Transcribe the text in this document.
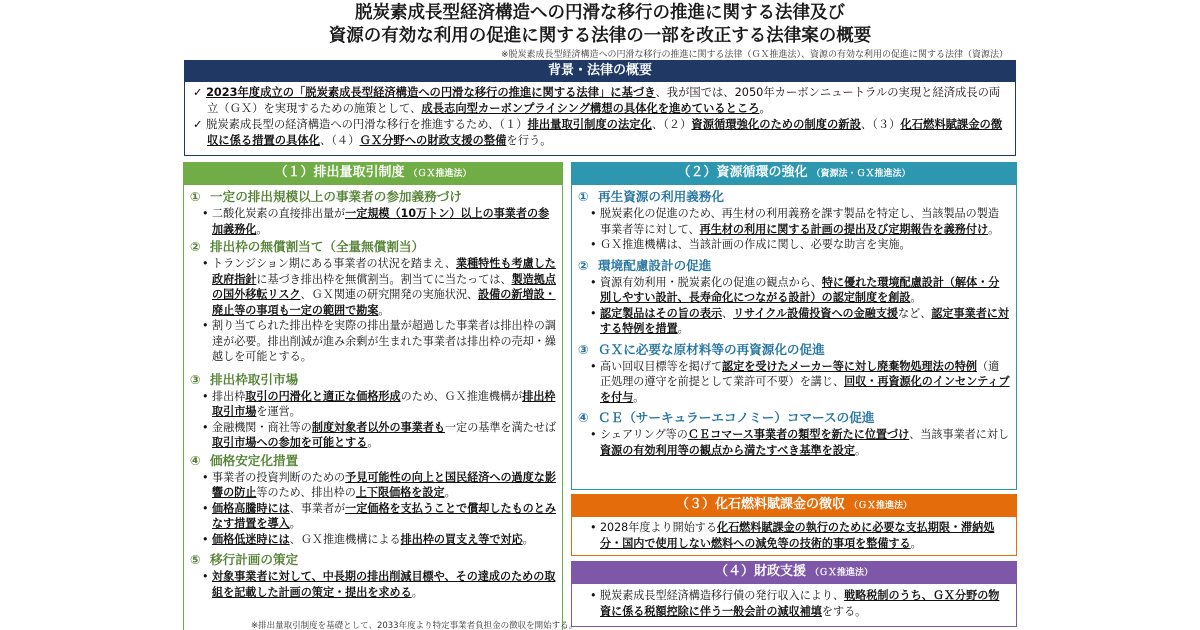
脱炭素成長型経済構造への円滑な移行の推進に関する法律及び
資源の有効な利用の促進に関する法律の一部を改正する法律案の概要
※脱炭素成長型経済構造への円滑な移行の推進に関する法律（ＧＸ推進法）、資源の有効な利用の促進に関する法律（資源法）
背景・法律の概要
✓ 2023年度成立の「脱炭素成長型経済構造への円滑な移行の推進に関する法律」に基づき、我が国では、2050年カーボンニュートラルの実現と経済成長の両立（ＧＸ）を実現するための施策として、成長志向型カーボンプライシング構想の具体化を進めているところ。
✓ 脱炭素成長型の経済構造への円滑な移行を推進するため、（１）排出量取引制度の法定化、（２）資源循環強化のための制度の新設、（３）化石燃料賦課金の徴収に係る措置の具体化、（４）ＧＸ分野への財政支援の整備を行う。
（１）排出量取引制度 （ＧＸ推進法）
① 一定の排出規模以上の事業者の参加義務づけ
• 二酸化炭素の直接排出量が一定規模（10万トン）以上の事業者の参加義務化。
② 排出枠の無償割当て（全量無償割当）
• トランジション期にある事業者の状況を踏まえ、業種特性も考慮した政府指針に基づき排出枠を無償割当。割当てに当たっては、製造拠点の国外移転リスク、ＧＸ関連の研究開発の実施状況、設備の新増設・廃止等の事項も一定の範囲で勘案。
• 割り当てられた排出枠を実際の排出量が超過した事業者は排出枠の調達が必要。排出削減が進み余剰が生まれた事業者は排出枠の売却・繰越しを可能とする。
③ 排出枠取引市場
• 排出枠取引の円滑化と適正な価格形成のため、ＧＸ推進機構が排出枠取引市場を運営。
• 金融機関・商社等の制度対象者以外の事業者も一定の基準を満たせば取引市場への参加を可能とする。
④ 価格安定化措置
• 事業者の投資判断のための予見可能性の向上と国民経済への過度な影響の防止等のため、排出枠の上下限価格を設定。
• 価格高騰時には、事業者が一定価格を支払うことで償却したものとみなす措置を導入。
• 価格低迷時には、ＧＸ推進機構による排出枠の買支え等で対応。
⑤ 移行計画の策定
• 対象事業者に対して、中長期の排出削減目標や、その達成のための取組を記載した計画の策定・提出を求める。
（２）資源循環の強化 （資源法・ＧＸ推進法）
① 再生資源の利用義務化
• 脱炭素化の促進のため、再生材の利用義務を課す製品を特定し、当該製品の製造事業者等に対して、再生材の利用に関する計画の提出及び定期報告を義務付け。
• ＧＸ推進機構は、当該計画の作成に関し、必要な助言を実施。
② 環境配慮設計の促進
• 資源有効利用・脱炭素化の促進の観点から、特に優れた環境配慮設計（解体・分別しやすい設計、長寿命化につながる設計）の認定制度を創設。
• 認定製品はその旨の表示、リサイクル設備投資への金融支援など、認定事業者に対する特例を措置。
③ ＧＸに必要な原材料等の再資源化の促進
• 高い回収目標等を掲げて認定を受けたメーカー等に対し廃棄物処理法の特例（適正処理の遵守を前提として業許可不要）を講じ、回収・再資源化のインセンティブを付与。
④ ＣＥ（サーキュラーエコノミー）コマースの促進
• シェアリング等のＣＥコマース事業者の類型を新たに位置づけ、当該事業者に対し資源の有効利用等の観点から満たすべき基準を設定。
（３）化石燃料賦課金の徴収 （ＧＸ推進法）
• 2028年度より開始する化石燃料賦課金の執行のために必要な支払期限・滞納処分・国内で使用しない燃料への減免等の技術的事項を整備する。
（４）財政支援 （ＧＸ推進法）
• 脱炭素成長型経済構造移行債の発行収入により、戦略税制のうち、ＧＸ分野の物資に係る税額控除に伴う一般会計の減収補填をする。
※排出量取引制度を基礎として、2033年度より特定事業者負担金の徴収を開始する。
